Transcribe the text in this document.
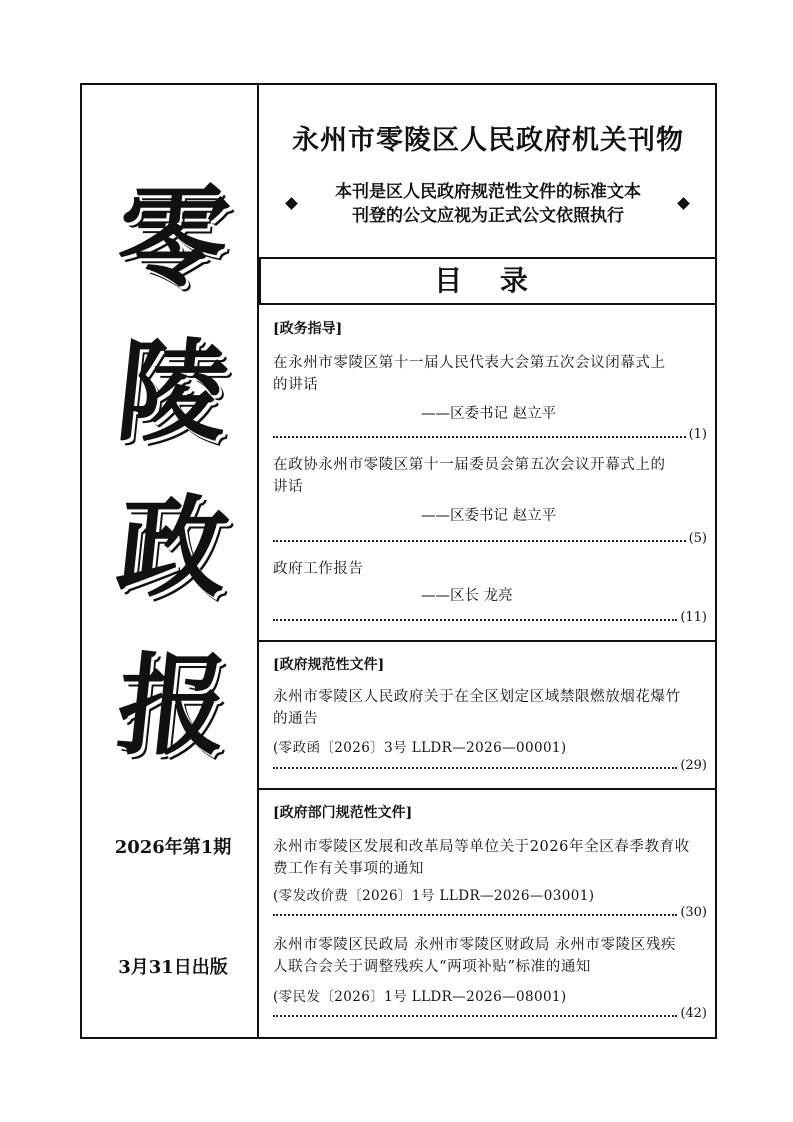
零
陵
政
报
2026年第1期
3月31日出版
永州市零陵区人民政府机关刊物
本刊是区人民政府规范性文件的标准文本
刊登的公文应视为正式公文依照执行
目 录
[政务指导]
在永州市零陵区第十一届人民代表大会第五次会议闭幕式上
的讲话
——区委书记 赵立平
(1)
在政协永州市零陵区第十一届委员会第五次会议开幕式上的
讲话
——区委书记 赵立平
(5)
政府工作报告
——区长 龙亮
(11)
[政府规范性文件]
永州市零陵区人民政府关于在全区划定区域禁限燃放烟花爆竹
的通告
(零政函〔2026〕3号 LLDR—2026—00001)
(29)
[政府部门规范性文件]
永州市零陵区发展和改革局等单位关于2026年全区春季教育收
费工作有关事项的通知
(零发改价费〔2026〕1号 LLDR—2026—03001)
(30)
永州市零陵区民政局 永州市零陵区财政局 永州市零陵区残疾
人联合会关于调整残疾人“两项补贴”标准的通知
(零民发〔2026〕1号 LLDR—2026—08001)
(42)
